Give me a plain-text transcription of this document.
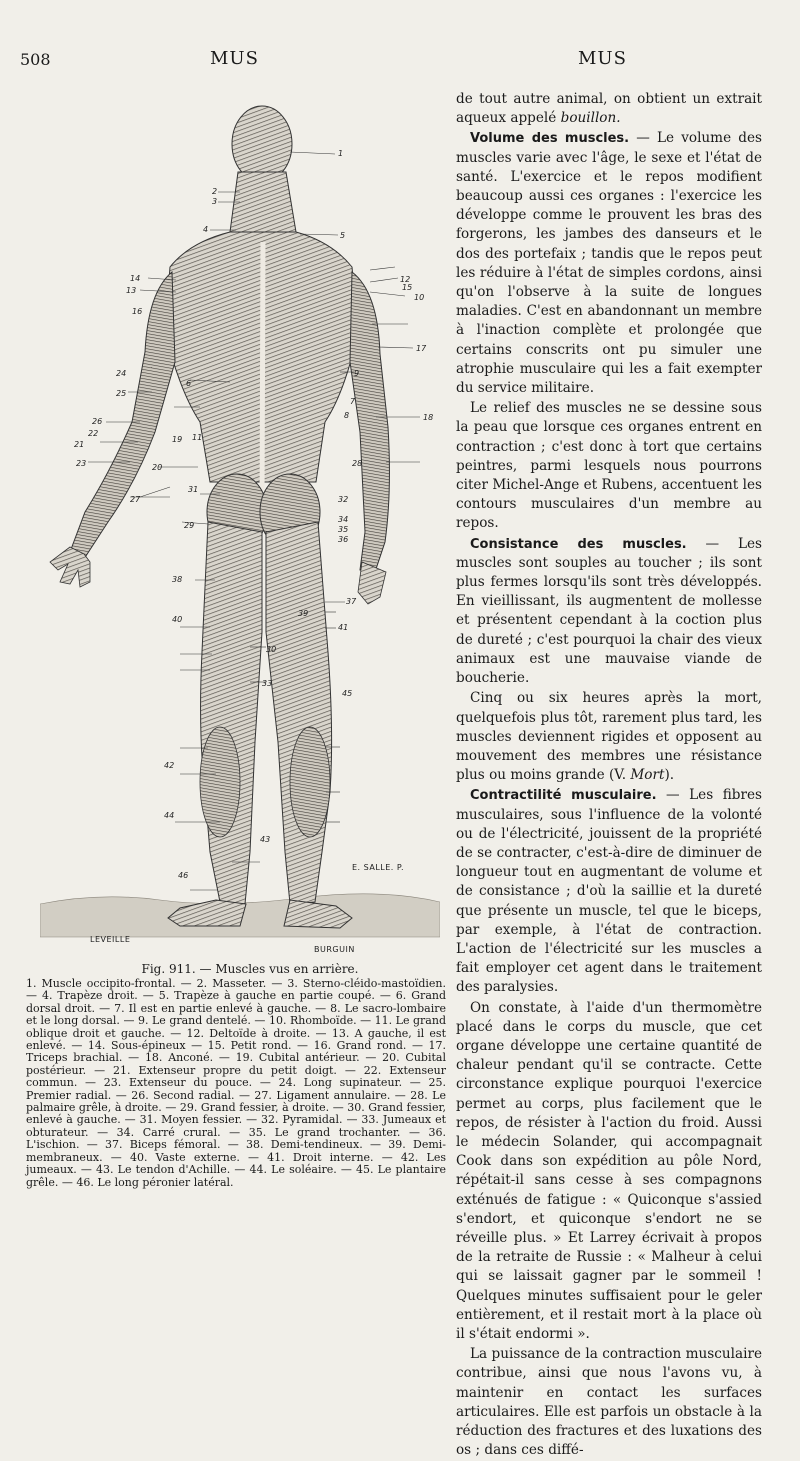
508	MUS	MUS
1
2
3
4
5
6
7
8
9
10
11
12
13
14
15
16
17
18
19
20
21
22
23
24
25
26
27
28
29
30
31
32
33
34
35
36
37
38
39
40
41
42
43
44
45
46
LEVEILLE
E. SALLE. P.
BURGUIN
Fig. 911. — Muscles vus en arrière.
1. Muscle occipito-frontal. — 2. Masseter. — 3. Sterno-cléido-mastoïdien. — 4. Trapèze droit. — 5. Trapèze à gauche en partie coupé. — 6. Grand dorsal droit. — 7. Il est en partie enlevé à gauche. — 8. Le sacro-lombaire et le long dorsal. — 9. Le grand dentelé. — 10. Rhomboïde. — 11. Le grand oblique droit et gauche. — 12. Deltoïde à droite. — 13. A gauche, il est enlevé. — 14. Sous-épineux — 15. Petit rond. — 16. Grand rond. — 17. Triceps brachial. — 18. Anconé. — 19. Cubital antérieur. — 20. Cubital postérieur. — 21. Extenseur propre du petit doigt. — 22. Extenseur commun. — 23. Extenseur du pouce. — 24. Long supinateur. — 25. Premier radial. — 26. Second radial. — 27. Ligament annulaire. — 28. Le palmaire grêle, à droite. — 29. Grand fessier, à droite. — 30. Grand fessier, enlevé à gauche. — 31. Moyen fessier. — 32. Pyramidal. — 33. Jumeaux et obturateur. — 34. Carré crural. — 35. Le grand trochanter. — 36. L'ischion. — 37. Biceps fémoral. — 38. Demi-tendineux. — 39. Demi-membraneux. — 40. Vaste externe. — 41. Droit interne. — 42. Les jumeaux. — 43. Le tendon d'Achille. — 44. Le soléaire. — 45. Le plantaire grêle. — 46. Le long péronier latéral.

de tout autre animal, on obtient un extrait aqueux appelé bouillon.

Volume des muscles. — Le volume des muscles varie avec l'âge, le sexe et l'état de santé. L'exercice et le repos modifient beaucoup aussi ces organes : l'exercice les développe comme le prouvent les bras des forgerons, les jambes des danseurs et le dos des portefaix ; tandis que le repos peut les réduire à l'état de simples cordons, ainsi qu'on l'observe à la suite de longues maladies. C'est en abandonnant un membre à l'inaction complète et prolongée que certains conscrits ont pu simuler une atrophie musculaire qui les a fait exempter du service militaire.

Le relief des muscles ne se dessine sous la peau que lorsque ces organes entrent en contraction ; c'est donc à tort que certains peintres, parmi lesquels nous pourrons citer Michel-Ange et Rubens, accentuent les contours musculaires d'un membre au repos.

Consistance des muscles. — Les muscles sont souples au toucher ; ils sont plus fermes lorsqu'ils sont très développés. En vieillissant, ils augmentent de mollesse et présentent cependant à la coction plus de dureté ; c'est pourquoi la chair des vieux animaux est une mauvaise viande de boucherie.

Cinq ou six heures après la mort, quelquefois plus tôt, rarement plus tard, les muscles deviennent rigides et opposent au mouvement des membres une résistance plus ou moins grande (V. Mort).

Contractilité musculaire. — Les fibres musculaires, sous l'influence de la volonté ou de l'électricité, jouissent de la propriété de se contracter, c'est-à-dire de diminuer de longueur tout en augmentant de volume et de consistance ; d'où la saillie et la dureté que présente un muscle, tel que le biceps, par exemple, à l'état de contraction. L'action de l'électricité sur les muscles a fait employer cet agent dans le traitement des paralysies.

On constate, à l'aide d'un thermomètre placé dans le corps du muscle, que cet organe développe une certaine quantité de chaleur pendant qu'il se contracte. Cette circonstance explique pourquoi l'exercice permet au corps, plus facilement que le repos, de résister à l'action du froid. Aussi le médecin Solander, qui accompagnait Cook dans son expédition au pôle Nord, répétait-il sans cesse à ses compagnons exténués de fatigue : « Quiconque s'assied s'endort, et quiconque s'endort ne se réveille plus. » Et Larrey écrivait à propos de la retraite de Russie : « Malheur à celui qui se laissait gagner par le sommeil ! Quelques minutes suffisaient pour le geler entièrement, et il restait mort à la place où il s'était endormi ».

La puissance de la contraction musculaire contribue, ainsi que nous l'avons vu, à maintenir en contact les surfaces articulaires. Elle est parfois un obstacle à la réduction des fractures et des luxations des os ; dans ces diffé-
